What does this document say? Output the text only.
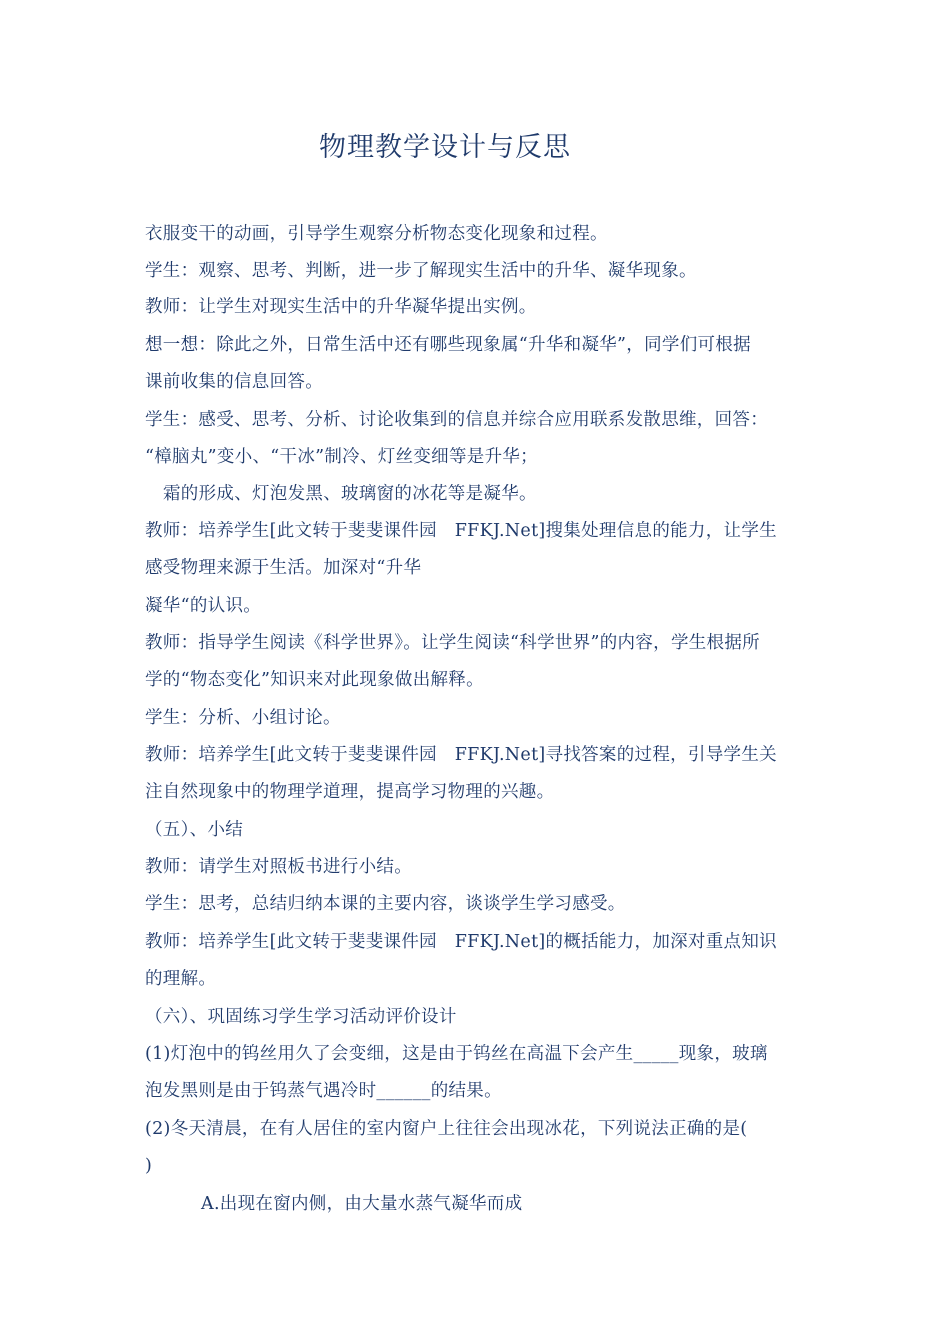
物理教学设计与反思
衣服变干的动画，引导学生观察分析物态变化现象和过程。
学生：观察、思考、判断，进一步了解现实生活中的升华、凝华现象。
教师：让学生对现实生活中的升华凝华提出实例。
想一想：除此之外，日常生活中还有哪些现象属“升华和凝华”，同学们可根据
课前收集的信息回答。
学生：感受、思考、分析、讨论收集到的信息并综合应用联系发散思维，回答：
“樟脑丸”变小、“干冰”制冷、灯丝变细等是升华；
霜的形成、灯泡发黑、玻璃窗的冰花等是凝华。
教师：培养学生[此文转于斐斐课件园　FFKJ.Net]搜集处理信息的能力，让学生
感受物理来源于生活。加深对“升华
凝华“的认识。
教师：指导学生阅读《科学世界》。让学生阅读“科学世界”的内容，学生根据所
学的“物态变化”知识来对此现象做出解释。
学生：分析、小组讨论。
教师：培养学生[此文转于斐斐课件园　FFKJ.Net]寻找答案的过程，引导学生关
注自然现象中的物理学道理，提高学习物理的兴趣。
（五）、小结
教师：请学生对照板书进行小结。
学生：思考，总结归纳本课的主要内容，谈谈学生学习感受。
教师：培养学生[此文转于斐斐课件园　FFKJ.Net]的概括能力，加深对重点知识
的理解。
（六）、巩固练习学生学习活动评价设计
(1)灯泡中的钨丝用久了会变细，这是由于钨丝在高温下会产生_____现象，玻璃
泡发黑则是由于钨蒸气遇冷时______的结果。
(2)冬天清晨，在有人居住的室内窗户上往往会出现冰花，下列说法正确的是(
)
A.出现在窗内侧，由大量水蒸气凝华而成
